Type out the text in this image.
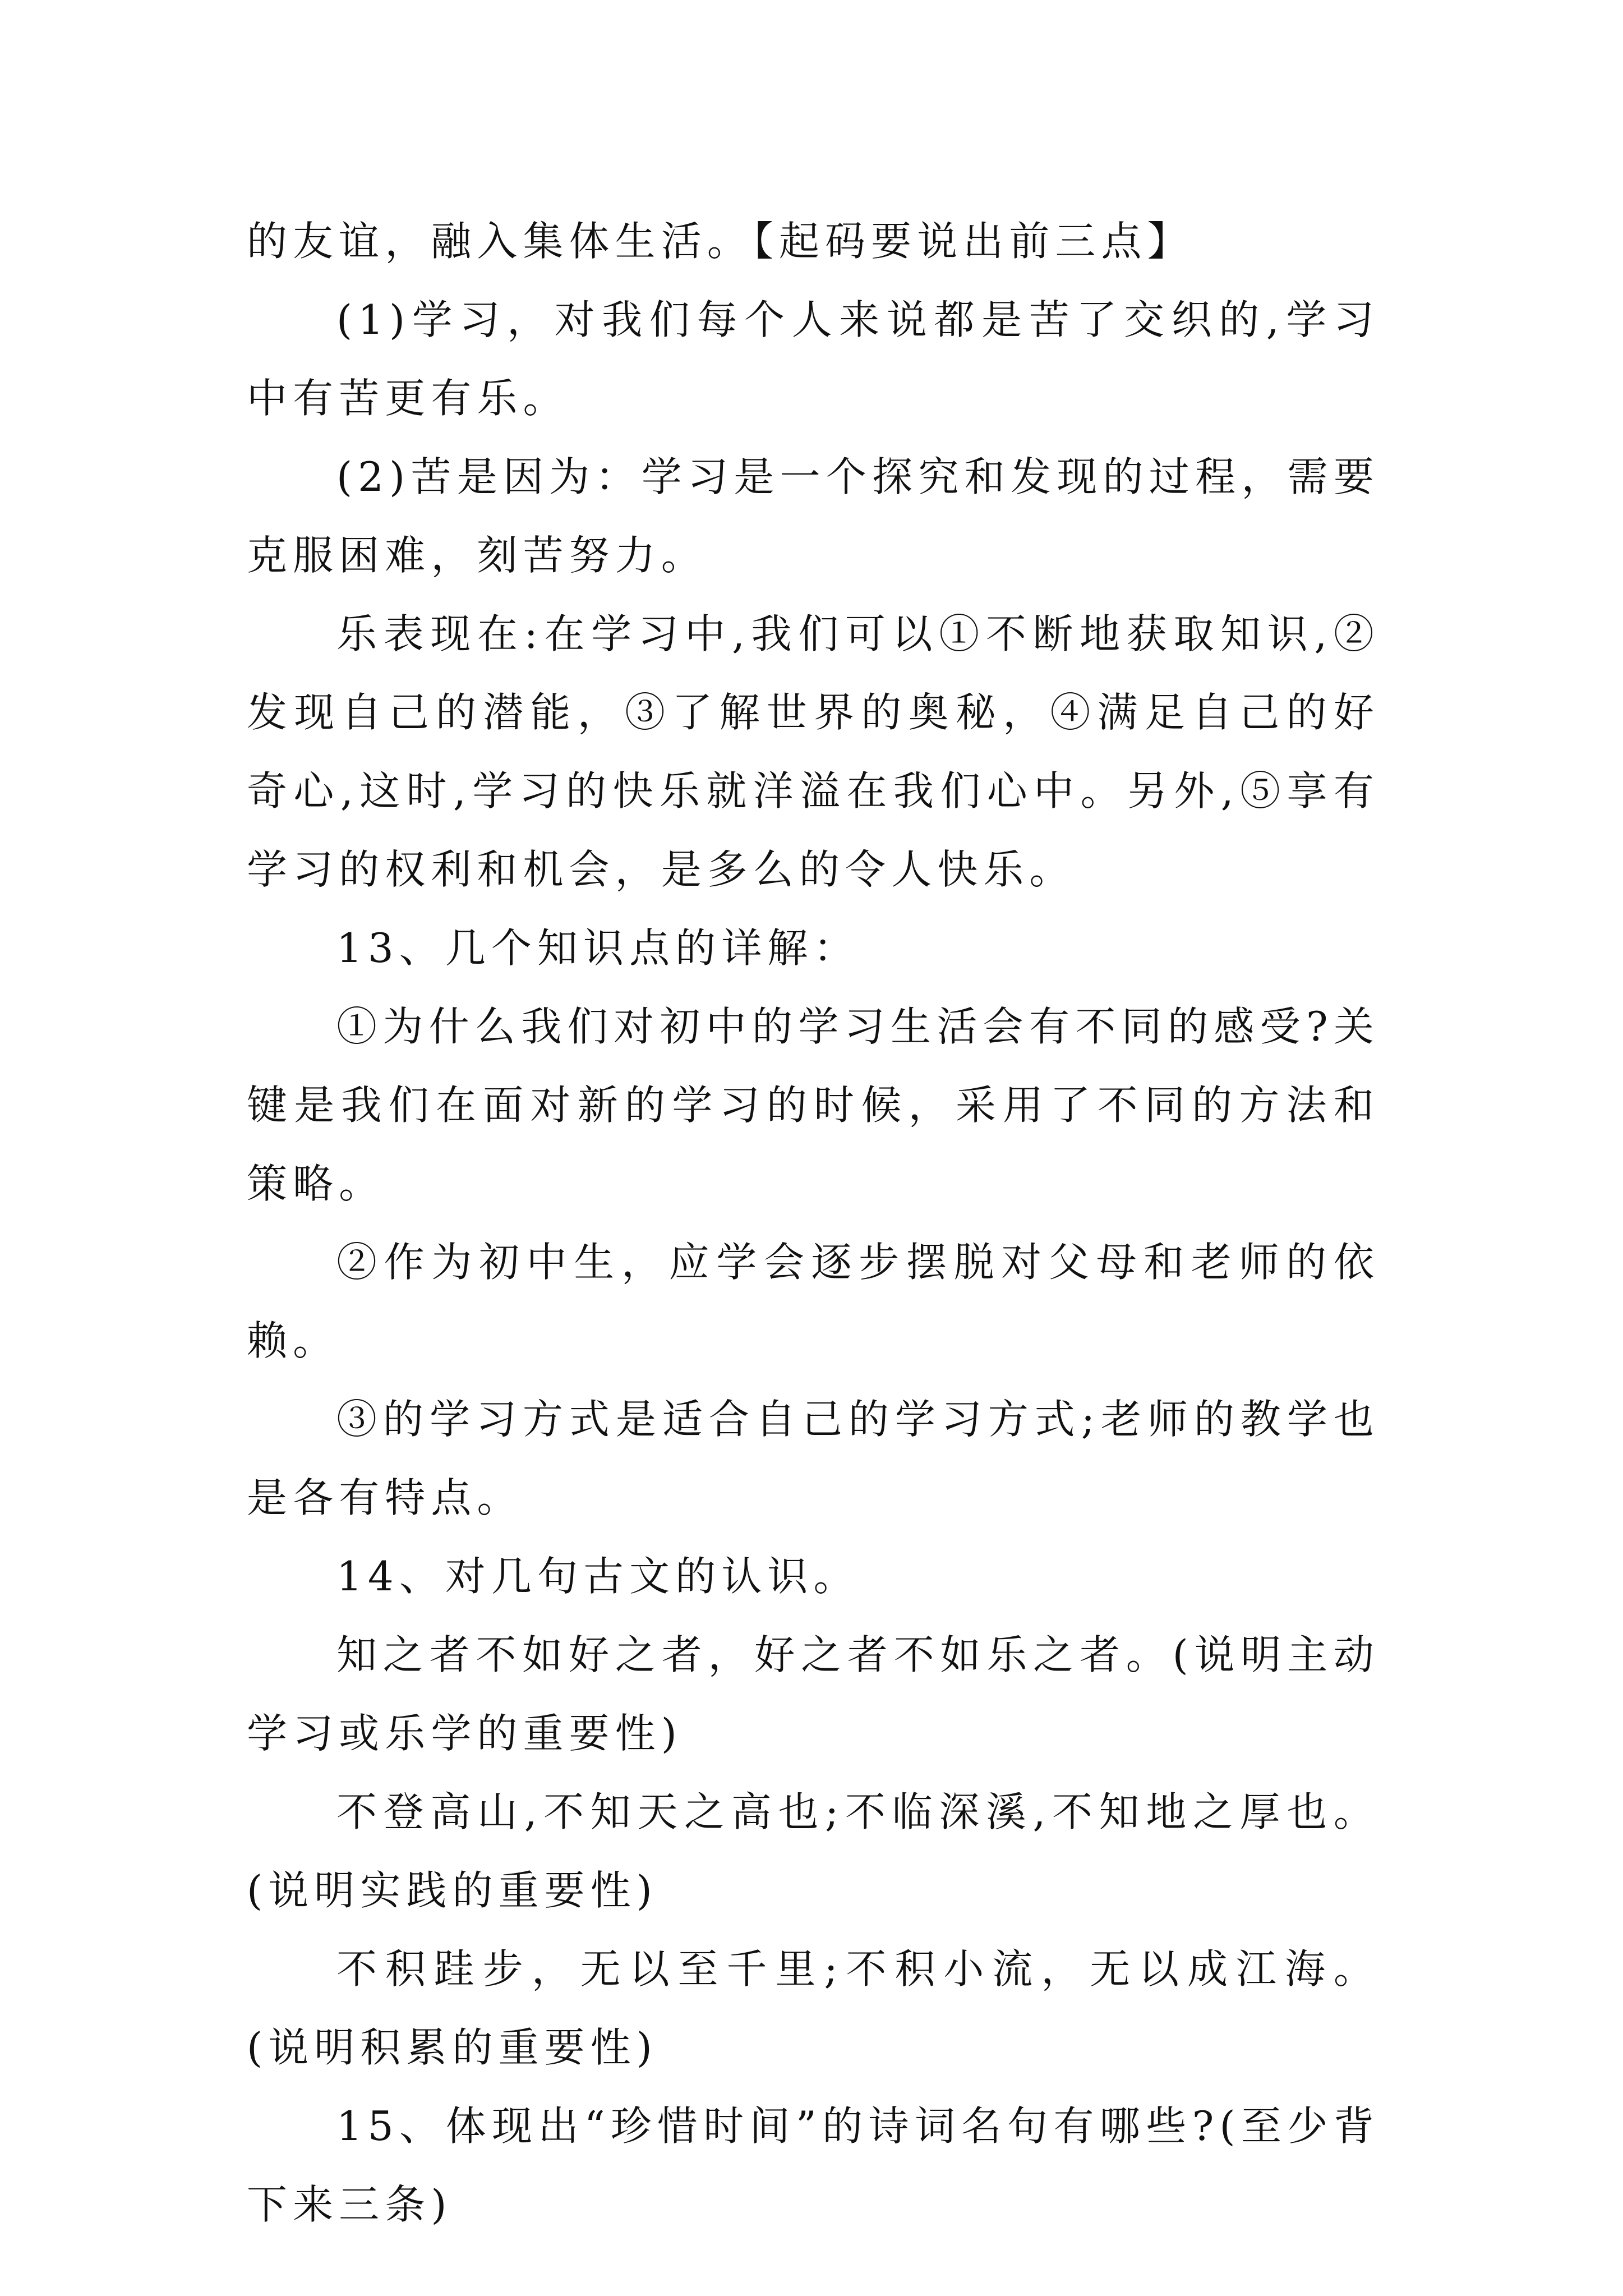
的友谊，融入集体生活。【起码要说出前三点】

(1)学习，对我们每个人来说都是苦了交织的,学习中有苦更有乐。

(2)苦是因为：学习是一个探究和发现的过程，需要克服困难，刻苦努力。

乐表现在:在学习中,我们可以①不断地获取知识,②发现自己的潜能，③了解世界的奥秘，④满足自己的好奇心,这时,学习的快乐就洋溢在我们心中。另外,⑤享有学习的权利和机会，是多么的令人快乐。

13、几个知识点的详解：

①为什么我们对初中的学习生活会有不同的感受?关键是我们在面对新的学习的时候，采用了不同的方法和策略。

②作为初中生，应学会逐步摆脱对父母和老师的依赖。

③的学习方式是适合自己的学习方式;老师的教学也是各有特点。

14、对几句古文的认识。

知之者不如好之者，好之者不如乐之者。(说明主动学习或乐学的重要性)

不登高山,不知天之高也;不临深溪,不知地之厚也。(说明实践的重要性)

不积跬步，无以至千里;不积小流，无以成江海。(说明积累的重要性)

15、体现出“珍惜时间”的诗词名句有哪些?(至少背下来三条)
